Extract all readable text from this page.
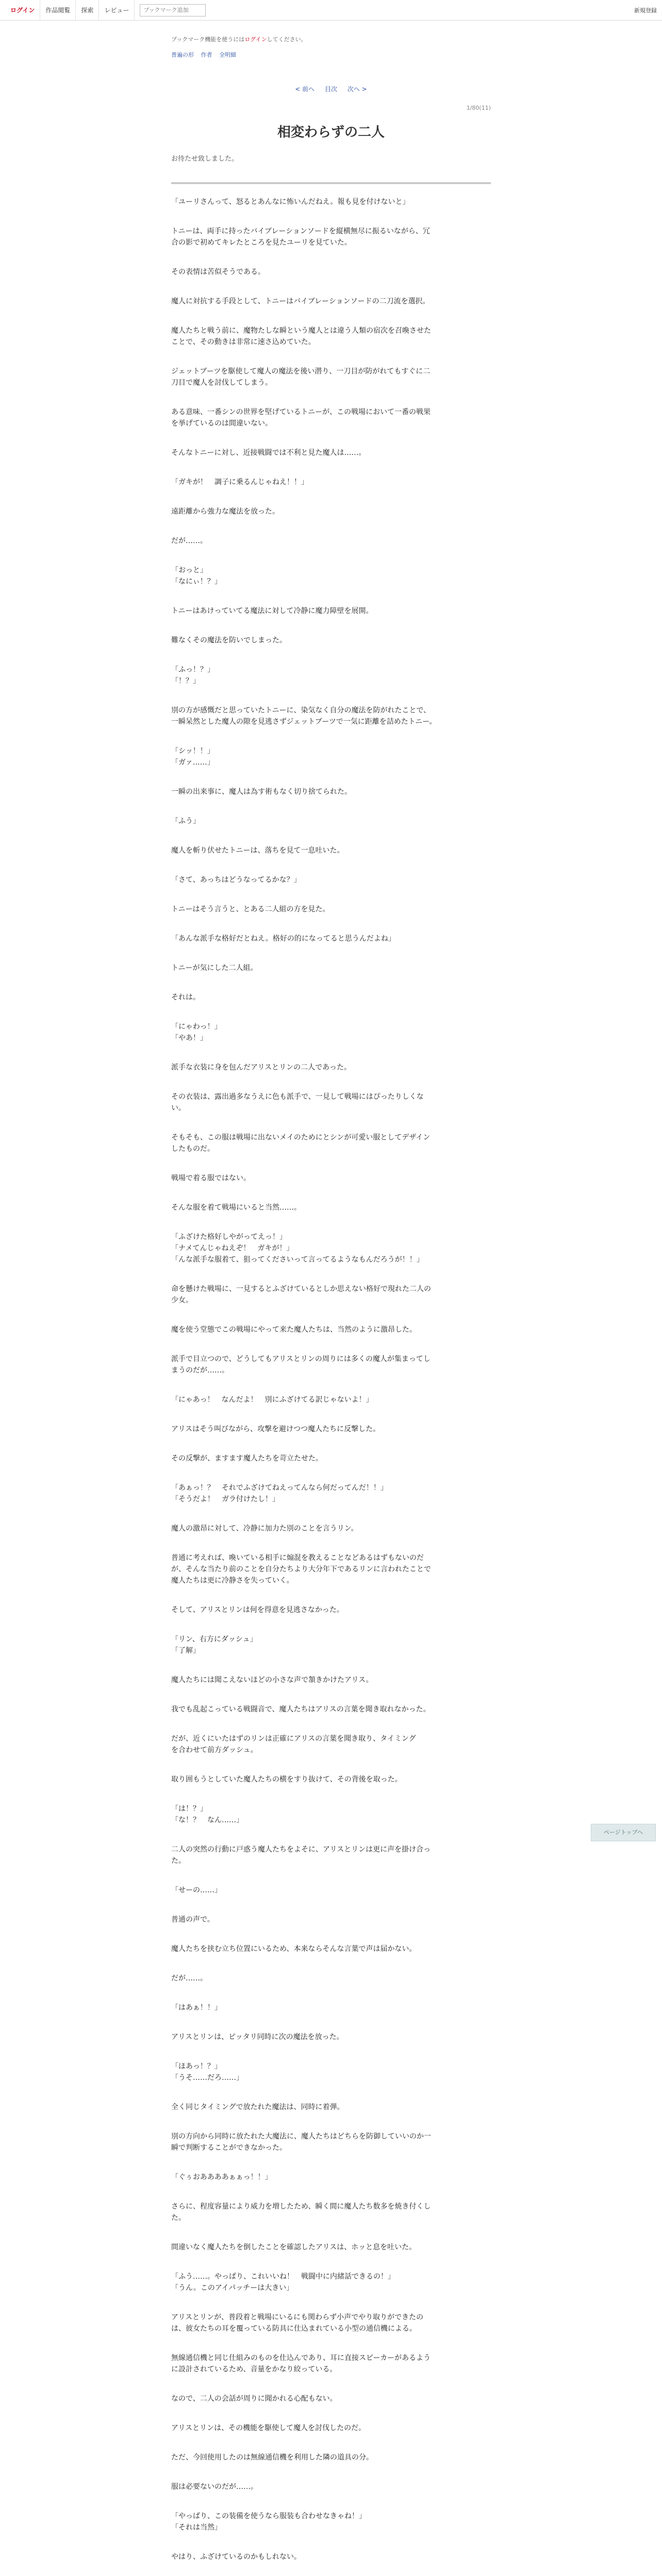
ログイン	作品閲覧	探索	レビュー
ブックマーク追加	新規登録
ブックマーク機能を使うにはログインしてください。
普遍の形 作者 全明細
< 前へ 目次 次へ >
1/80(11)
相変わらずの二人
お待たせ致しました。

「ユーリさんって、怒るとあんなに怖いんだねえ。報も見を付けないと」

トニーは、両手に持ったバイブレーションソードを縦横無尽に振るいながら、冗
合の影で初めてキレたところを見たユーリを見ていた。

その表情は苦似そうである。

魔人に対抗する手段として、トニーはバイブレーションソードの二刀流を選択。

魔人たちと戦う前に、魔物たしな瞬という魔人とは違う人類の宿次を召喚させた
ことで、その動きは非常に速さ込めていた。

ジェットブーツを駆使して魔人の魔法を後い潜り、一刀目が防がれてもすぐに二
刀目で魔人を討伐してしまう。

ある意味、一番シンの世界を堅げているトニーが、この戦場において一番の戦果
を挙げているのは間違いない。

そんなトニーに対し、近接戦闘では不利と見た魔人は……。

「ガキが！　調子に乗るんじゃねえ！！」

遠距離から強力な魔法を放った。

だが……。

「おっと」
「なにぃ！？」

トニーはあけっていてる魔法に対して冷静に魔力障壁を展開。

難なくその魔法を防いでしまった。

「ふっ！？」
「！？」

別の方が感慨だと思っていたトニーに、染気なく自分の魔法を防がれたことで、
一瞬呆然とした魔人の隙を見逃さずジェットブーツで一気に距離を詰めたトニー。

「シッ！！」
「ガァ……」

一瞬の出来事に、魔人は為す術もなく切り捨てられた。

「ふう」

魔人を斬り伏せたトニーは、落ちを見て一息吐いた。

「さて、あっちはどうなってるかな？」

トニーはそう言うと、とある二人組の方を見た。

「あんな派手な格好だとねえ。格好の的になってると思うんだよね」

トニーが気にした二人組。

それは。

「にゃわっ！」
「やあ！」

派手な衣装に身を包んだアリスとリンの二人であった。

その衣装は、露出過多なうえに色も派手で、一見して戦場にはぴったりしくな
い。

そもそも、この服は戦場に出ないメイのためにとシンが可愛い服としてデザイン
したものだ。

戦場で着る服ではない。

そんな服を着て戦場にいると当然……。

「ふざけた格好しやがってえっ！」
「ナメてんじゃねえぞ！　ガキが！」
「んな派手な服着て、狙ってくださいって言ってるようなもんだろうが！！」

命を懸けた戦場に、一見するとふざけているとしか思えない格好で現れた二人の
少女。

魔を使う堂態でこの戦場にやって来た魔人たちは、当然のように激昂した。

派手で目立つので、どうしてもアリスとリンの周りには多くの魔人が集まってし
まうのだが……。

「にゃあっ！　なんだよ！　別にふざけてる訳じゃないよ！」

アリスはそう叫びながら、攻撃を避けつつ魔人たちに反撃した。

その反撃が、ますます魔人たちを苛立たせた。

「あぁっ！？　それでふざけてねえってんなら何だってんだ！！」
「そうだよ！　ガラ付けたし！」

魔人の激昂に対して、冷静に加力た別のことを言うリン。

普通に考えれば、喚いている相手に煽混を教えることなどあるはずもないのだ
が、そんな当たり前のことを自分たちより大分年下であるリンに言われたことで
魔人たちは更に冷静さを失っていく。

そして、アリスとリンは何を得意を見逃さなかった。

「リン、右方にダッシュ」
「了解」

魔人たちには聞こえないほどの小さな声で頷きかけたアリス。

我でも乱起こっている戦闘音で、魔人たちはアリスの言葉を聞き取れなかった。

だが、近くにいたはずのリンは正確にアリスの言葉を聞き取り、タイミング
を合わせて前方ダッシュ。

取り囲もうとしていた魔人たちの横をすり抜けて、その背後を取った。

「は！？」
「な！？　なん……」

二人の突然の行動に戸惑う魔人たちをよそに、アリスとリンは更に声を掛け合っ
た。

「せーの……」

普通の声で。

魔人たちを挟む立ち位置にいるため、本来ならそんな言葉で声は届かない。

だが……。

「はあぁ！！」

アリスとリンは、ピッタリ同時に次の魔法を放った。

「ほあっ！？」
「うそ……だろ……」

全く同じタイミングで放たれた魔法は、同時に着弾。

別の方向から同時に放たれた大魔法に、魔人たちはどちらを防御していいのか一
瞬で判断することができなかった。

「ぐぅおああああぁぁっ！！」

さらに、程度容量により威力を増したため、瞬く間に魔人たち数多を焼き付くし
た。

間違いなく魔人たちを倒したことを確認したアリスは、ホッと息を吐いた。

「ふう……。やっぱり、これいいね！　戦闘中に内緒話できるの！」
「うん。このアイパッチーは大きい」

アリスとリンが、普段着と戦場にいるにも関わらず小声でやり取りができたの
は、彼女たちの耳を覆っている防具に仕込まれている小型の通信機による。

無線通信機と同じ仕組みのものを仕込んであり、耳に直接スピーカーがあるよう
に設計されているため、音量をかなり絞っている。

なので、二人の会話が周りに聞かれる心配もない。

アリスとリンは、その機能を駆使して魔人を討伐したのだ。

ただ、今回使用したのは無線通信機を利用した隣の道具の分。

服は必要ないのだが……。

「やっぱり、この装備を使うなら服装も合わせなきゃね！」
「それは当然」

やはり、ふざけているのかもしれない。

ページトップへ
